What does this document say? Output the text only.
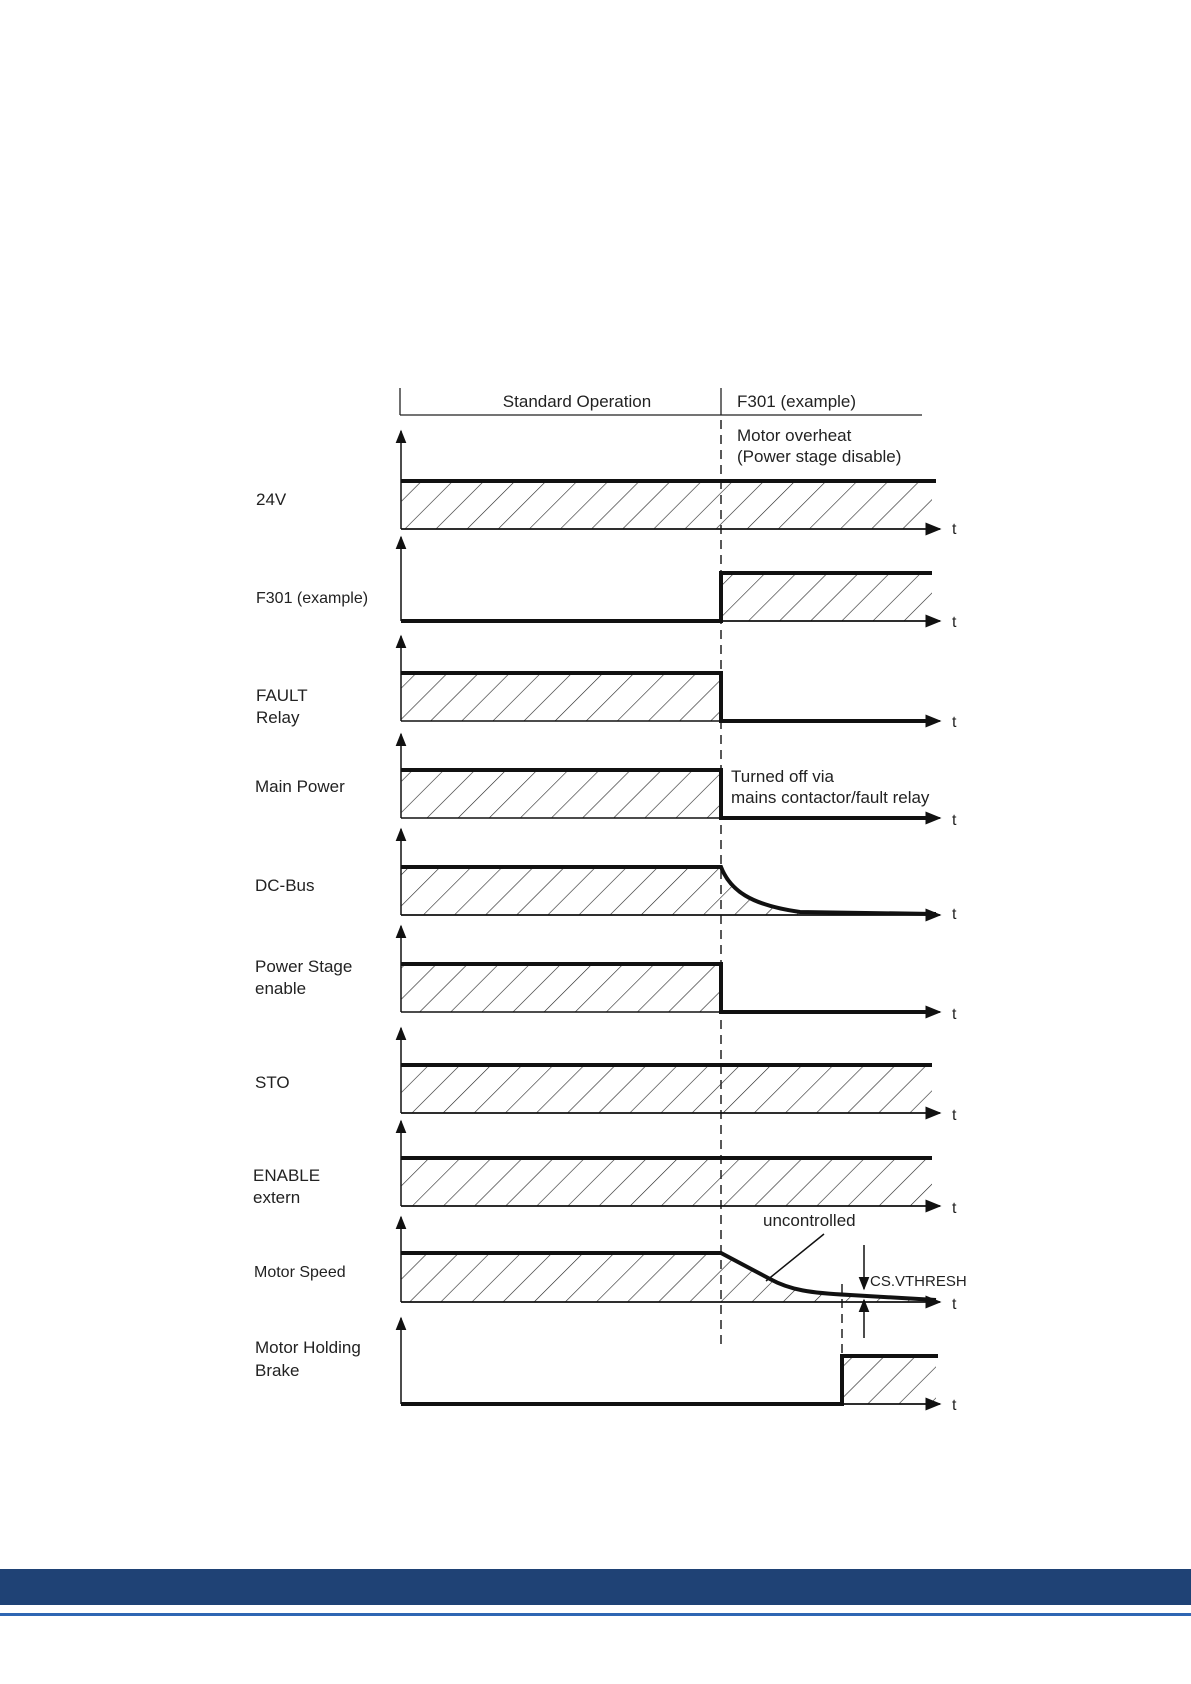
Standard Operation	F301 (example)
Motor overheat
(Power stage disable)
24V
t
F301 (example)
t
FAULT
Relay	t
Main Power
t
Turned off via
mains contactor/fault relay
DC-Bus
t
Power Stage
enable
t
STO
t
ENABLE
extern
t
Motor Speed
t
uncontrolled
CS.VTHRESH
Motor Holding
Brake
t
